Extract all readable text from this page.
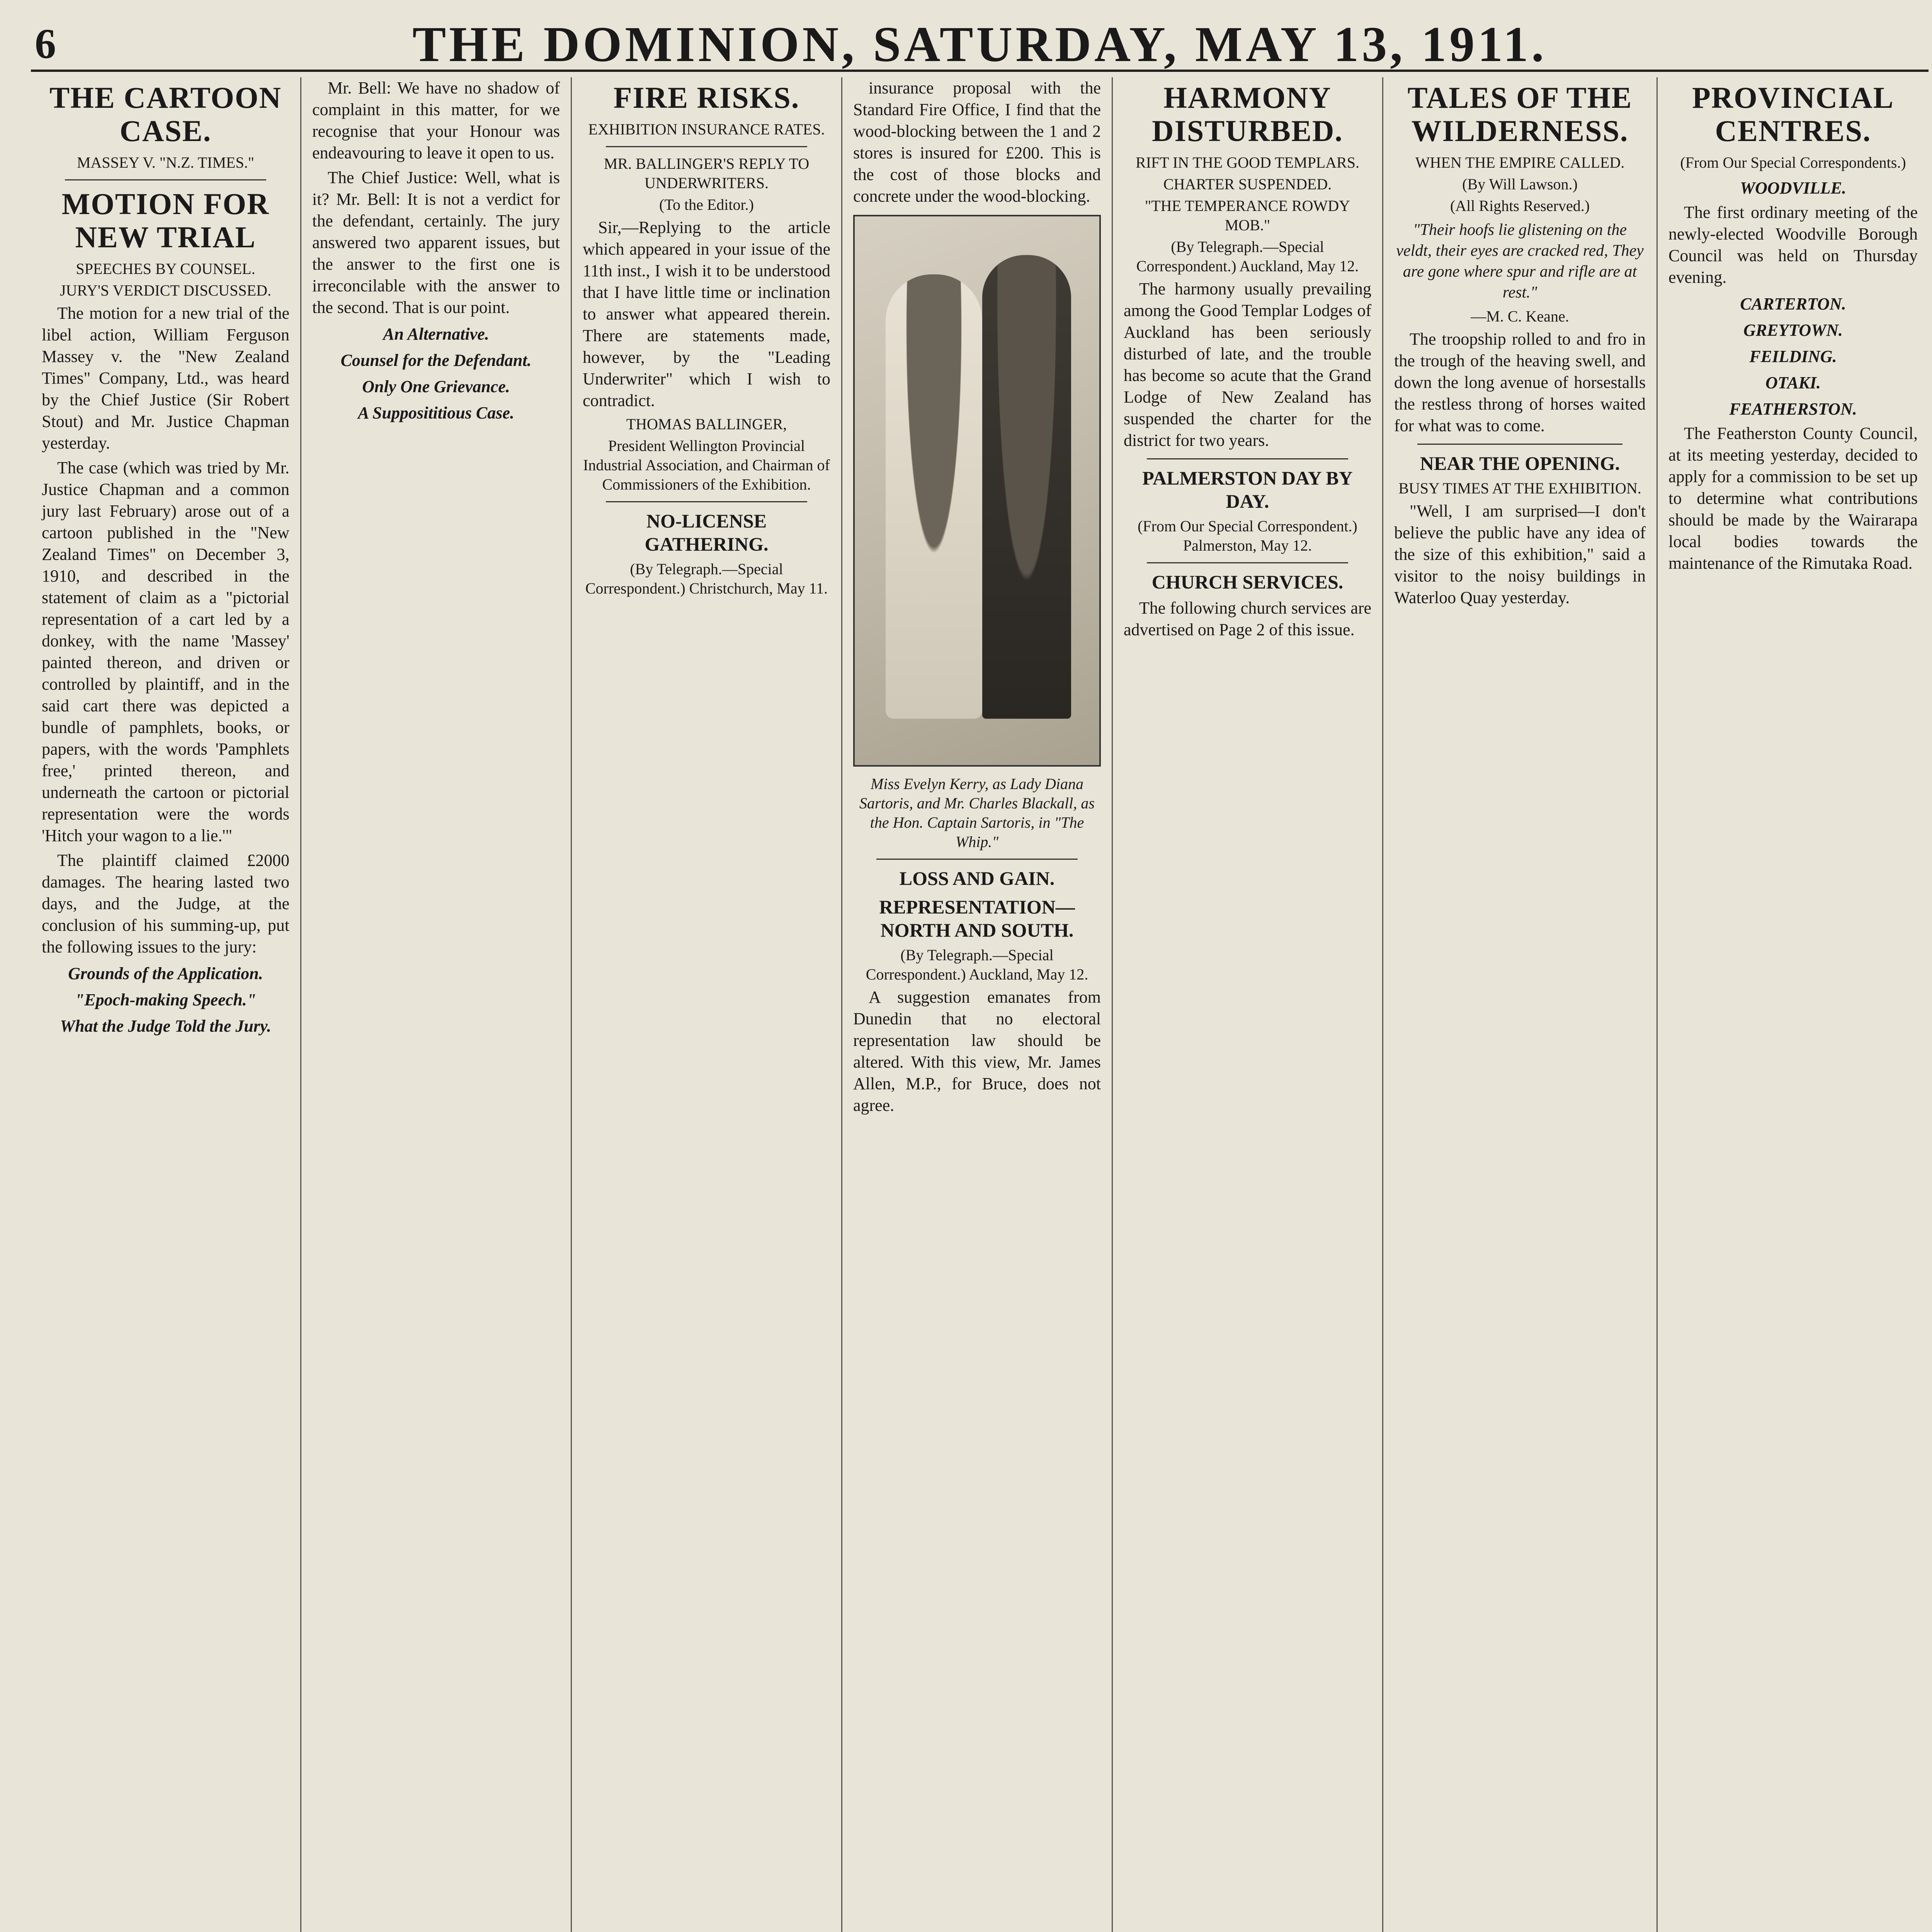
6	THE DOMINION, SATURDAY, MAY 13, 1911.
THE CARTOON CASE.
MASSEY V. "N.Z. TIMES."
MOTION FOR NEW TRIAL
SPEECHES BY COUNSEL.
JURY'S VERDICT DISCUSSED.

The motion for a new trial of the libel action, William Ferguson Massey v. the "New Zealand Times" Company, Ltd., was heard by the Chief Justice (Sir Robert Stout) and Mr. Justice Chapman yesterday.

The case (which was tried by Mr. Justice Chapman and a common jury last February) arose out of a cartoon published in the "New Zealand Times" on December 3, 1910, and described in the statement of claim as a "pictorial representation of a cart led by a donkey, with the name 'Massey' painted thereon, and driven or controlled by plaintiff, and in the said cart there was depicted a bundle of pamphlets, books, or papers, with the words 'Pamphlets free,' printed thereon, and underneath the cartoon or pictorial representation were the words 'Hitch your wagon to a lie.'"

The plaintiff claimed £2000 damages. The hearing lasted two days, and the Judge, at the conclusion of his summing-up, put the following issues to the jury:

Grounds of the Application.
"Epoch-making Speech."
What the Judge Told the Jury.

Mr. Bell: We have no shadow of complaint in this matter, for we recognise that your Honour was endeavouring to leave it open to us.

The Chief Justice: Well, what is it? Mr. Bell: It is not a verdict for the defendant, certainly. The jury answered two apparent issues, but the answer to the first one is irreconcilable with the answer to the second. That is our point.

An Alternative.
Counsel for the Defendant.
Only One Grievance.
A Supposititious Case.
FIRE RISKS.
EXHIBITION INSURANCE RATES.
MR. BALLINGER'S REPLY TO UNDERWRITERS.
(To the Editor.)

Sir,—Replying to the article which appeared in your issue of the 11th inst., I wish it to be understood that I have little time or inclination to answer what appeared therein. There are statements made, however, by the "Leading Underwriter" which I wish to contradict.

THOMAS BALLINGER,
President Wellington Provincial Industrial Association, and Chairman of Commissioners of the Exhibition.
NO-LICENSE GATHERING.
(By Telegraph.—Special Correspondent.) Christchurch, May 11.

insurance proposal with the Standard Fire Office, I find that the wood-blocking between the 1 and 2 stores is insured for £200. This is the cost of those blocks and concrete under the wood-blocking.

Miss Evelyn Kerry, as Lady Diana Sartoris, and Mr. Charles Blackall, as the Hon. Captain Sartoris, in "The Whip."
LOSS AND GAIN.
REPRESENTATION—NORTH AND SOUTH.
(By Telegraph.—Special Correspondent.) Auckland, May 12.

A suggestion emanates from Dunedin that no electoral representation law should be altered. With this view, Mr. James Allen, M.P., for Bruce, does not agree.

HARMONY DISTURBED.
RIFT IN THE GOOD TEMPLARS.
CHARTER SUSPENDED.
"THE TEMPERANCE ROWDY MOB."
(By Telegraph.—Special Correspondent.) Auckland, May 12.

The harmony usually prevailing among the Good Templar Lodges of Auckland has been seriously disturbed of late, and the trouble has become so acute that the Grand Lodge of New Zealand has suspended the charter for the district for two years.

PALMERSTON DAY BY DAY.
(From Our Special Correspondent.) Palmerston, May 12.
CHURCH SERVICES.

The following church services are advertised on Page 2 of this issue.

TALES OF THE WILDERNESS.
WHEN THE EMPIRE CALLED.
(By Will Lawson.)
(All Rights Reserved.)
"Their hoofs lie glistening on the veldt, their eyes are cracked red, They are gone where spur and rifle are at rest."
—M. C. Keane.

The troopship rolled to and fro in the trough of the heaving swell, and down the long avenue of horsestalls the restless throng of horses waited for what was to come.

NEAR THE OPENING.
BUSY TIMES AT THE EXHIBITION.

"Well, I am surprised—I don't believe the public have any idea of the size of this exhibition," said a visitor to the noisy buildings in Waterloo Quay yesterday.

PROVINCIAL CENTRES.
(From Our Special Correspondents.)
WOODVILLE.

The first ordinary meeting of the newly-elected Woodville Borough Council was held on Thursday evening.

CARTERTON.
GREYTOWN.
FEILDING.
OTAKI.
FEATHERSTON.

The Featherston County Council, at its meeting yesterday, decided to apply for a commission to be set up to determine what contributions should be made by the Wairarapa local bodies towards the maintenance of the Rimutaka Road.
